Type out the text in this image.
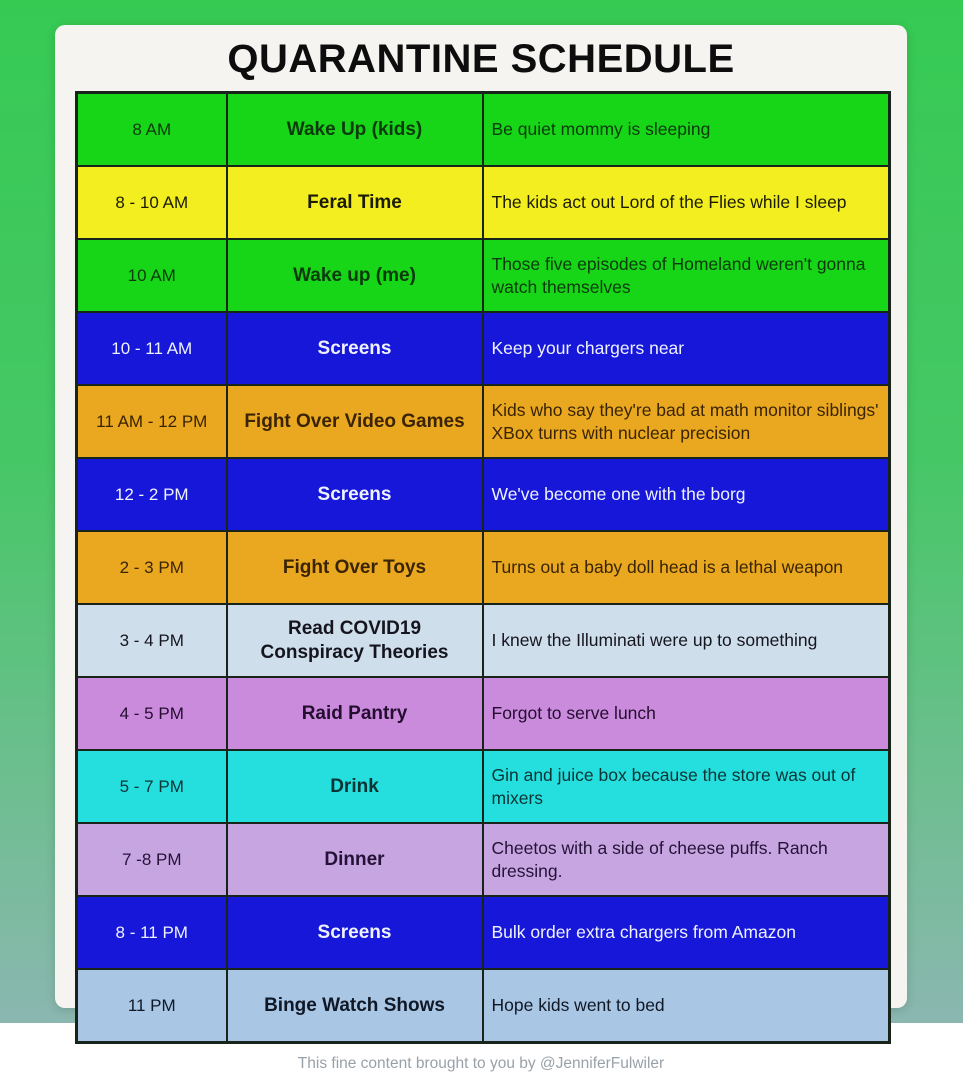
QUARANTINE SCHEDULE
8 AM	Wake Up (kids)	Be quiet mommy is sleeping
8 - 10 AM	Feral Time	The kids act out Lord of the Flies while I sleep
10 AM	Wake up (me)	Those five episodes of Homeland weren't gonna watch themselves
10 - 11 AM	Screens	Keep your chargers near
11 AM - 12 PM	Fight Over Video Games	Kids who say they're bad at math monitor siblings' XBox turns with nuclear precision
12 - 2 PM	Screens	We've become one with the borg
2 - 3 PM	Fight Over Toys	Turns out a baby doll head is a lethal weapon
3 - 4 PM	Read COVID19 Conspiracy Theories	I knew the Illuminati were up to something
4 - 5 PM	Raid Pantry	Forgot to serve lunch
5 - 7 PM	Drink	Gin and juice box because the store was out of mixers
7 -8 PM	Dinner	Cheetos with a side of cheese puffs. Ranch dressing.
8 - 11 PM	Screens	Bulk order extra chargers from Amazon
11 PM	Binge Watch Shows	Hope kids went to bed
This fine content brought to you by @JenniferFulwiler
